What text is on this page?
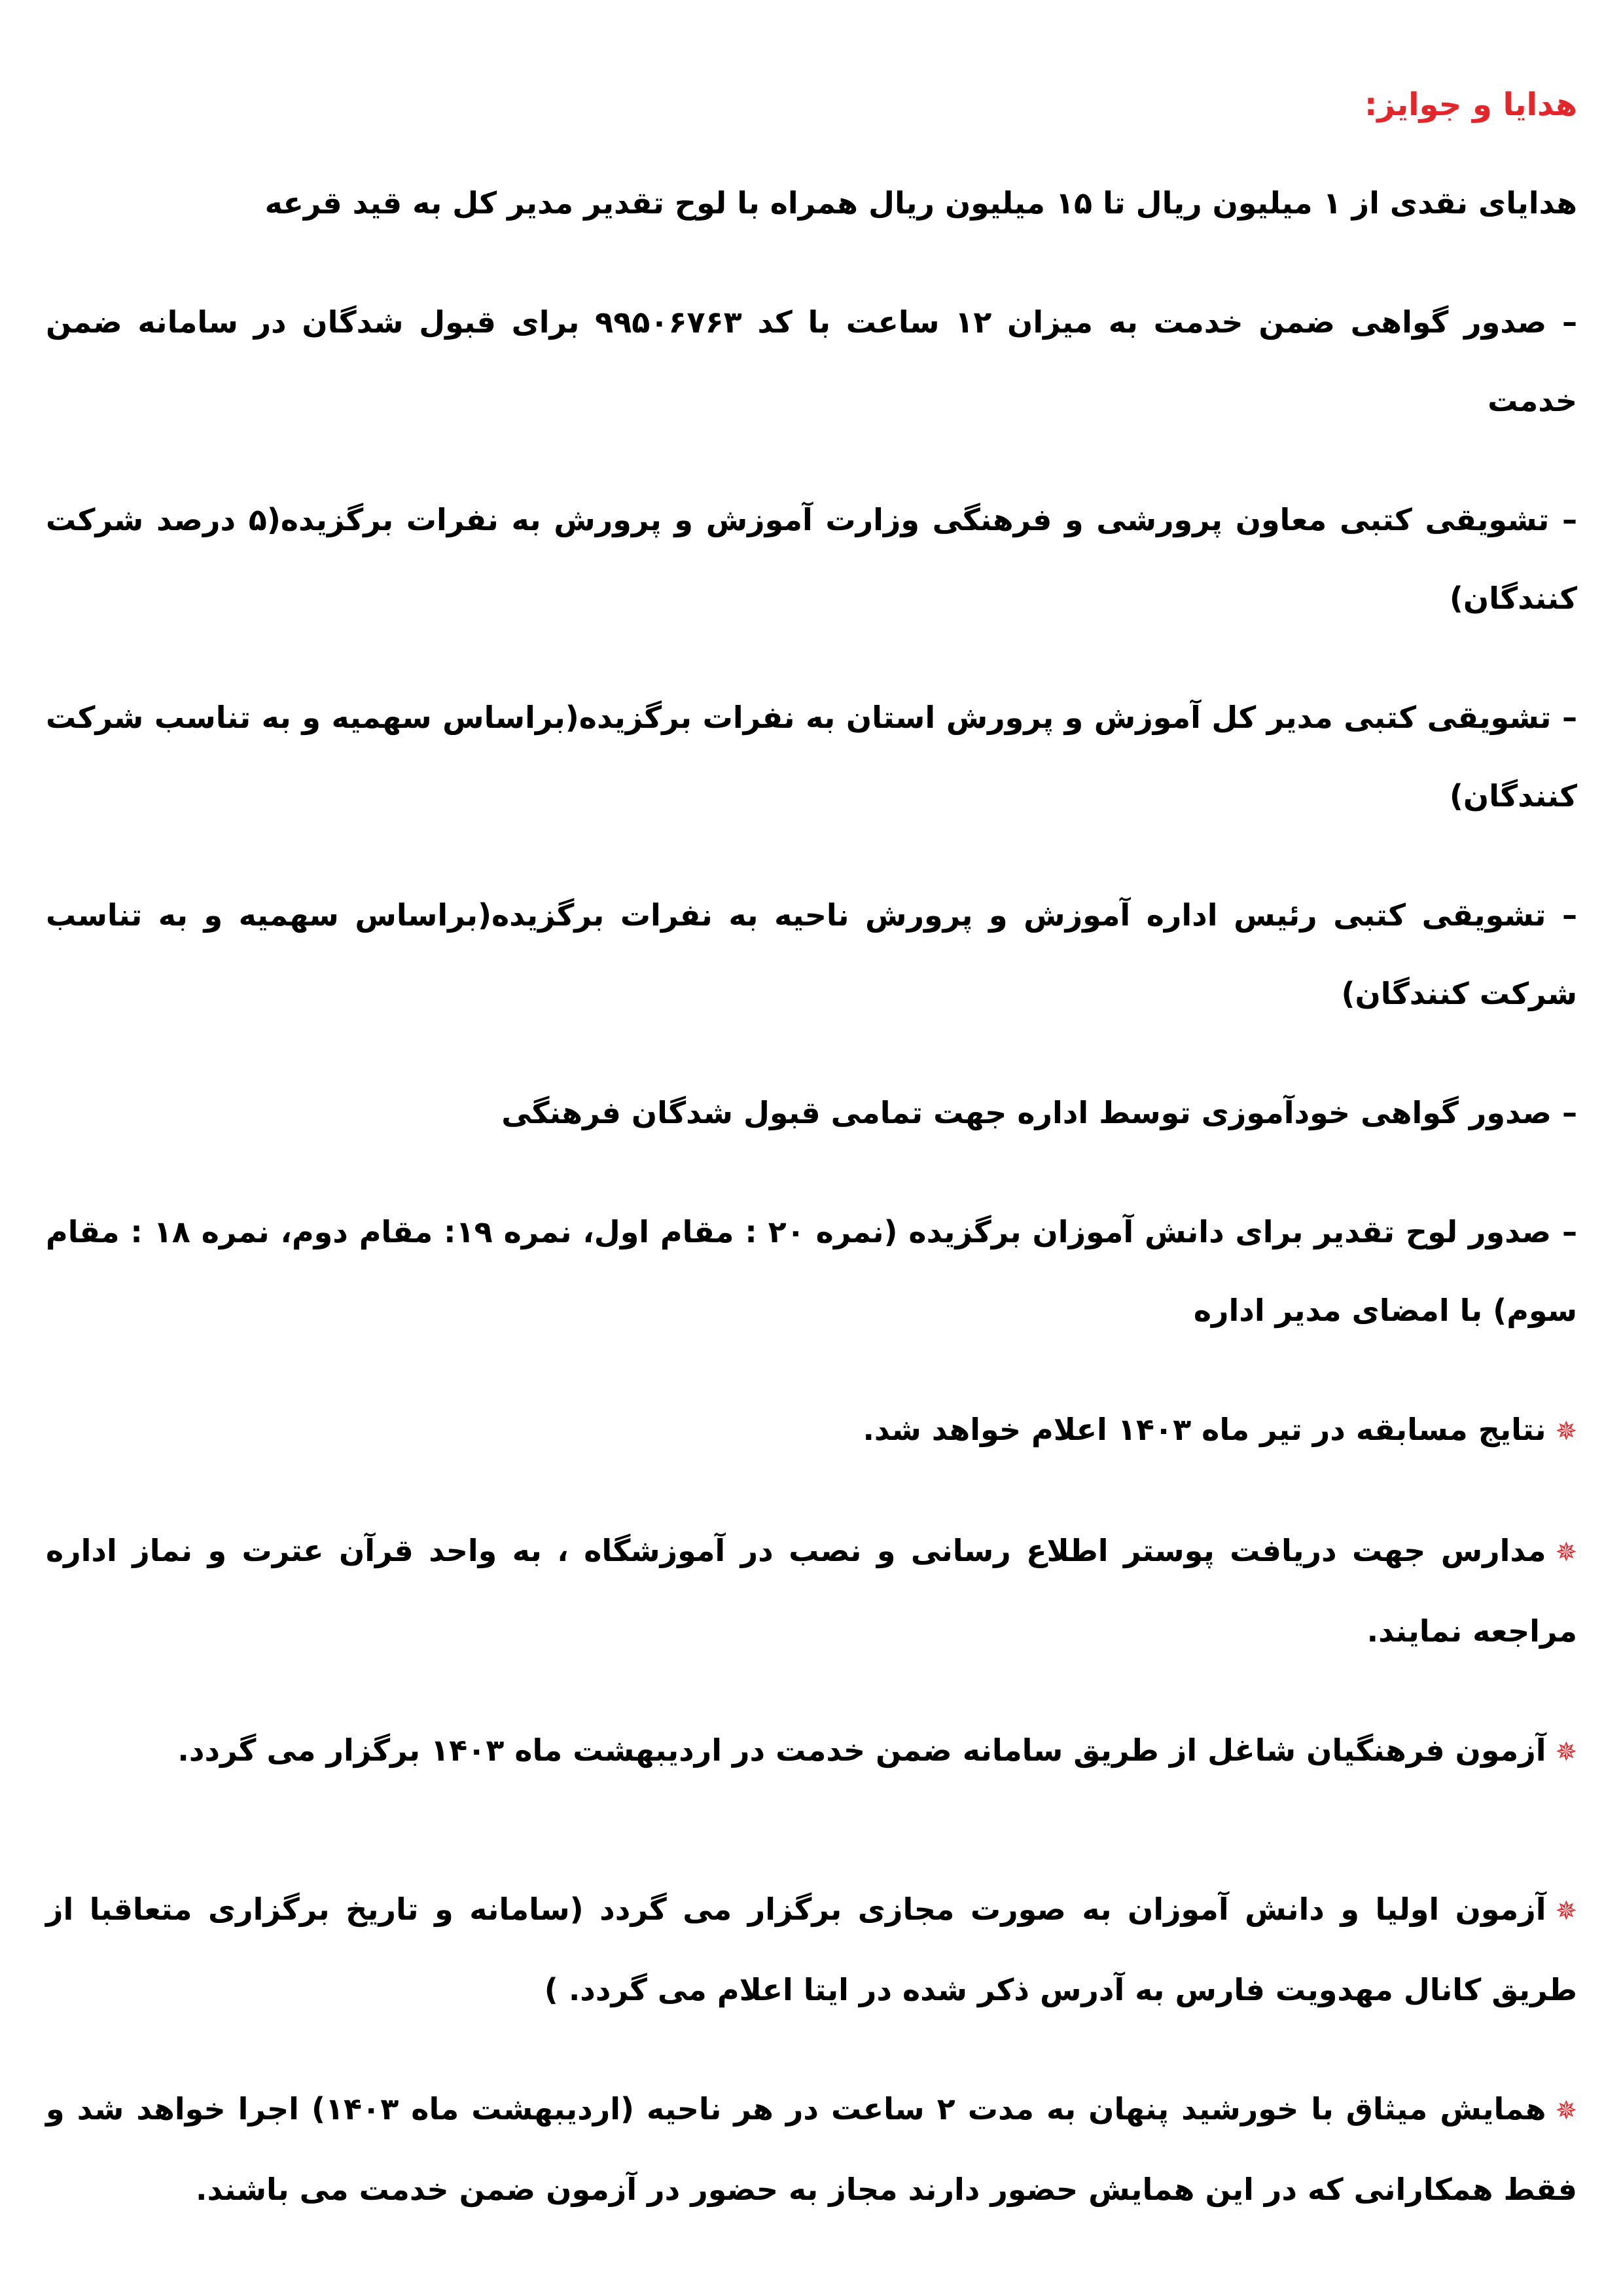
هدایا و جوایز:

هدایای نقدی از ۱ میلیون ریال تا ۱۵ میلیون ریال همراه با لوح تقدیر مدیر کل به قید قرعه

– صدور گواهی ضمن خدمت به میزان ۱۲ ساعت با کد ۹۹۵۰۶۷۶۳ برای قبول شدگان در سامانه ضمن خدمت

– تشویقی کتبی معاون پرورشی و فرهنگی وزارت آموزش و پرورش به نفرات برگزیده(۵ درصد شرکت کنندگان)

– تشویقی کتبی مدیر کل آموزش و پرورش استان به نفرات برگزیده(براساس سهمیه و به تناسب شرکت کنندگان)

– تشویقی کتبی رئیس اداره آموزش و پرورش ناحیه به نفرات برگزیده(براساس سهمیه و به تناسب شرکت کنندگان)

– صدور گواهی خودآموزی توسط اداره جهت تمامی قبول شدگان فرهنگی

– صدور لوح تقدیر برای دانش آموزان برگزیده (نمره ۲۰ : مقام اول، نمره ۱۹: مقام دوم، نمره ۱۸ : مقام سوم) با امضای مدیر اداره

✵نتایج مسابقه در تیر ماه ۱۴۰۳ اعلام خواهد شد.

✵مدارس جهت دریافت پوستر اطلاع رسانی و نصب در آموزشگاه ، به واحد قرآن عترت و نماز اداره مراجعه نمایند.

✵آزمون فرهنگیان شاغل از طریق سامانه ضمن خدمت در اردیبهشت ماه ۱۴۰۳ برگزار می گردد.

✵آزمون اولیا و دانش آموزان به صورت مجازی برگزار می گردد (سامانه و تاریخ برگزاری متعاقبا از طریق کانال مهدویت فارس به آدرس ذکر شده در ایتا اعلام می گردد. )

✵همایش میثاق با خورشید پنهان به مدت ۲ ساعت در هر ناحیه (اردیبهشت ماه ۱۴۰۳) اجرا خواهد شد و فقط همکارانی که در این همایش حضور دارند مجاز به حضور در آزمون ضمن خدمت می باشند.
